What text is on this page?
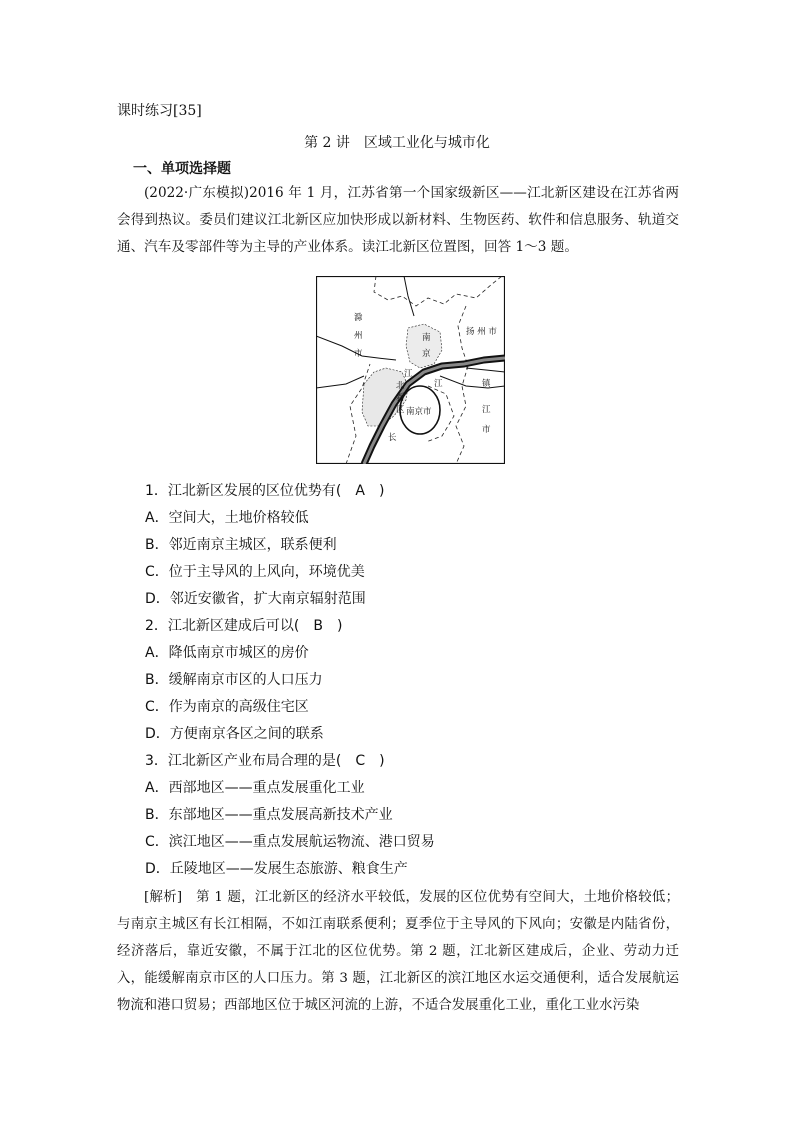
课时练习[35]
第 2 讲　区域工业化与城市化
一、单项选择题
(2022·广东模拟)2016 年 1 月，江苏省第一个国家级新区——江北新区建设在江苏省两会得到热议。委员们建议江北新区应加快形成以新材料、生物医药、软件和信息服务、轨道交通、汽车及零部件等为主导的产业体系。读江北新区位置图，回答 1～3 题。
滁
州
市
扬 州 市
南
京
江
江
北
新
区 南京市
长
镇
江
市
1．江北新区发展的区位优势有(　A　)
A．空间大，土地价格较低
B．邻近南京主城区，联系便利
C．位于主导风的上风向，环境优美
D．邻近安徽省，扩大南京辐射范围
2．江北新区建成后可以(　B　)
A．降低南京市城区的房价
B．缓解南京市区的人口压力
C．作为南京的高级住宅区
D．方便南京各区之间的联系
3．江北新区产业布局合理的是(　C　)
A．西部地区——重点发展重化工业
B．东部地区——重点发展高新技术产业
C．滨江地区——重点发展航运物流、港口贸易
D．丘陵地区——发展生态旅游、粮食生产
[解析]　第 1 题，江北新区的经济水平较低，发展的区位优势有空间大，土地价格较低；与南京主城区有长江相隔，不如江南联系便利；夏季位于主导风的下风向；安徽是内陆省份，经济落后，靠近安徽，不属于江北的区位优势。第 2 题，江北新区建成后，企业、劳动力迁入，能缓解南京市区的人口压力。第 3 题，江北新区的滨江地区水运交通便利，适合发展航运物流和港口贸易；西部地区位于城区河流的上游，不适合发展重化工业，重化工业水污染
